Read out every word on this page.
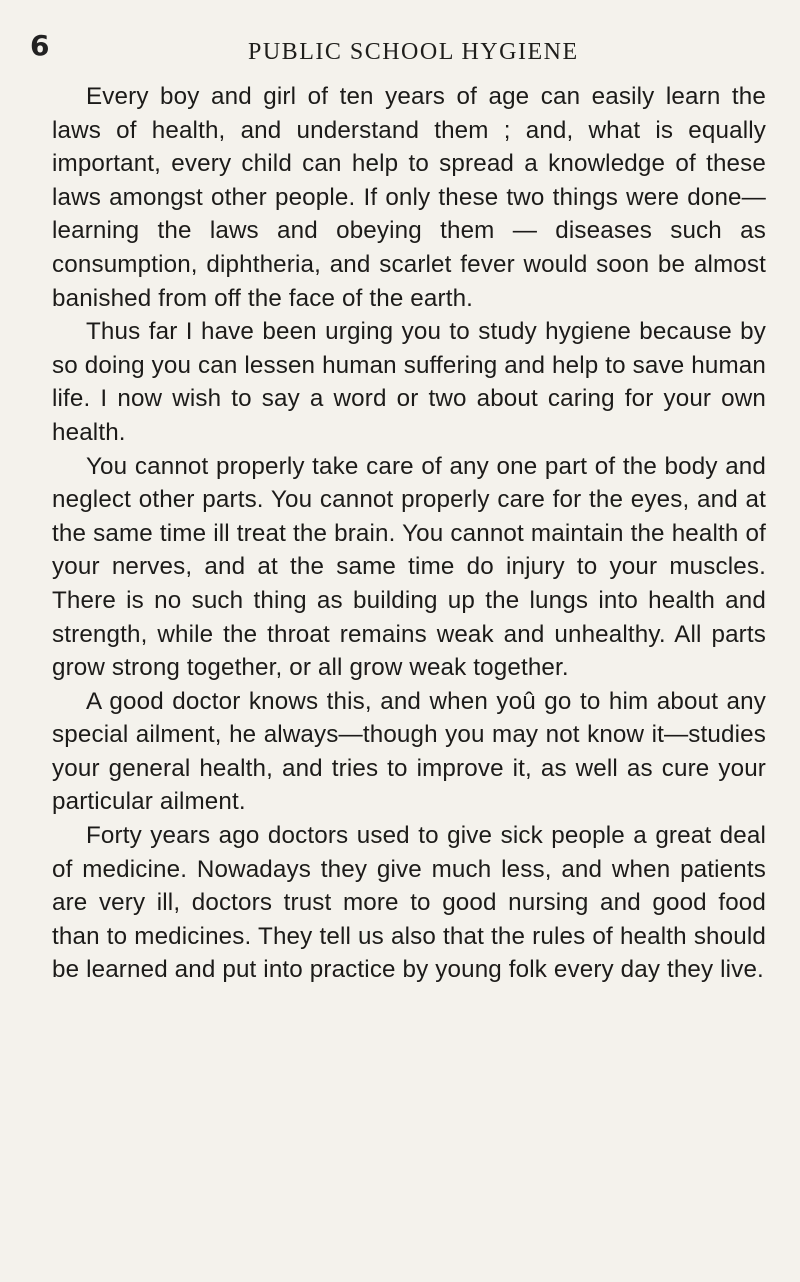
6	PUBLIC SCHOOL HYGIENE

Every boy and girl of ten years of age can easily learn the laws of health, and understand them ; and, what is equally important, every child can help to spread a knowledge of these laws amongst other people. If only these two things were done—learning the laws and obeying them — diseases such as consumption, diphtheria, and scarlet fever would soon be almost banished from off the face of the earth.

Thus far I have been urging you to study hygiene because by so doing you can lessen human suffering and help to save human life. I now wish to say a word or two about caring for your own health.

You cannot properly take care of any one part of the body and neglect other parts. You cannot properly care for the eyes, and at the same time ill treat the brain. You cannot maintain the health of your nerves, and at the same time do injury to your muscles. There is no such thing as building up the lungs into health and strength, while the throat remains weak and unhealthy. All parts grow strong together, or all grow weak together.

A good doctor knows this, and when yoû go to him about any special ailment, he always—though you may not know it—studies your general health, and tries to improve it, as well as cure your particular ailment.

Forty years ago doctors used to give sick people a great deal of medicine. Nowadays they give much less, and when patients are very ill, doctors trust more to good nursing and good food than to medicines. They tell us also that the rules of health should be learned and put into practice by young folk every day they live.
